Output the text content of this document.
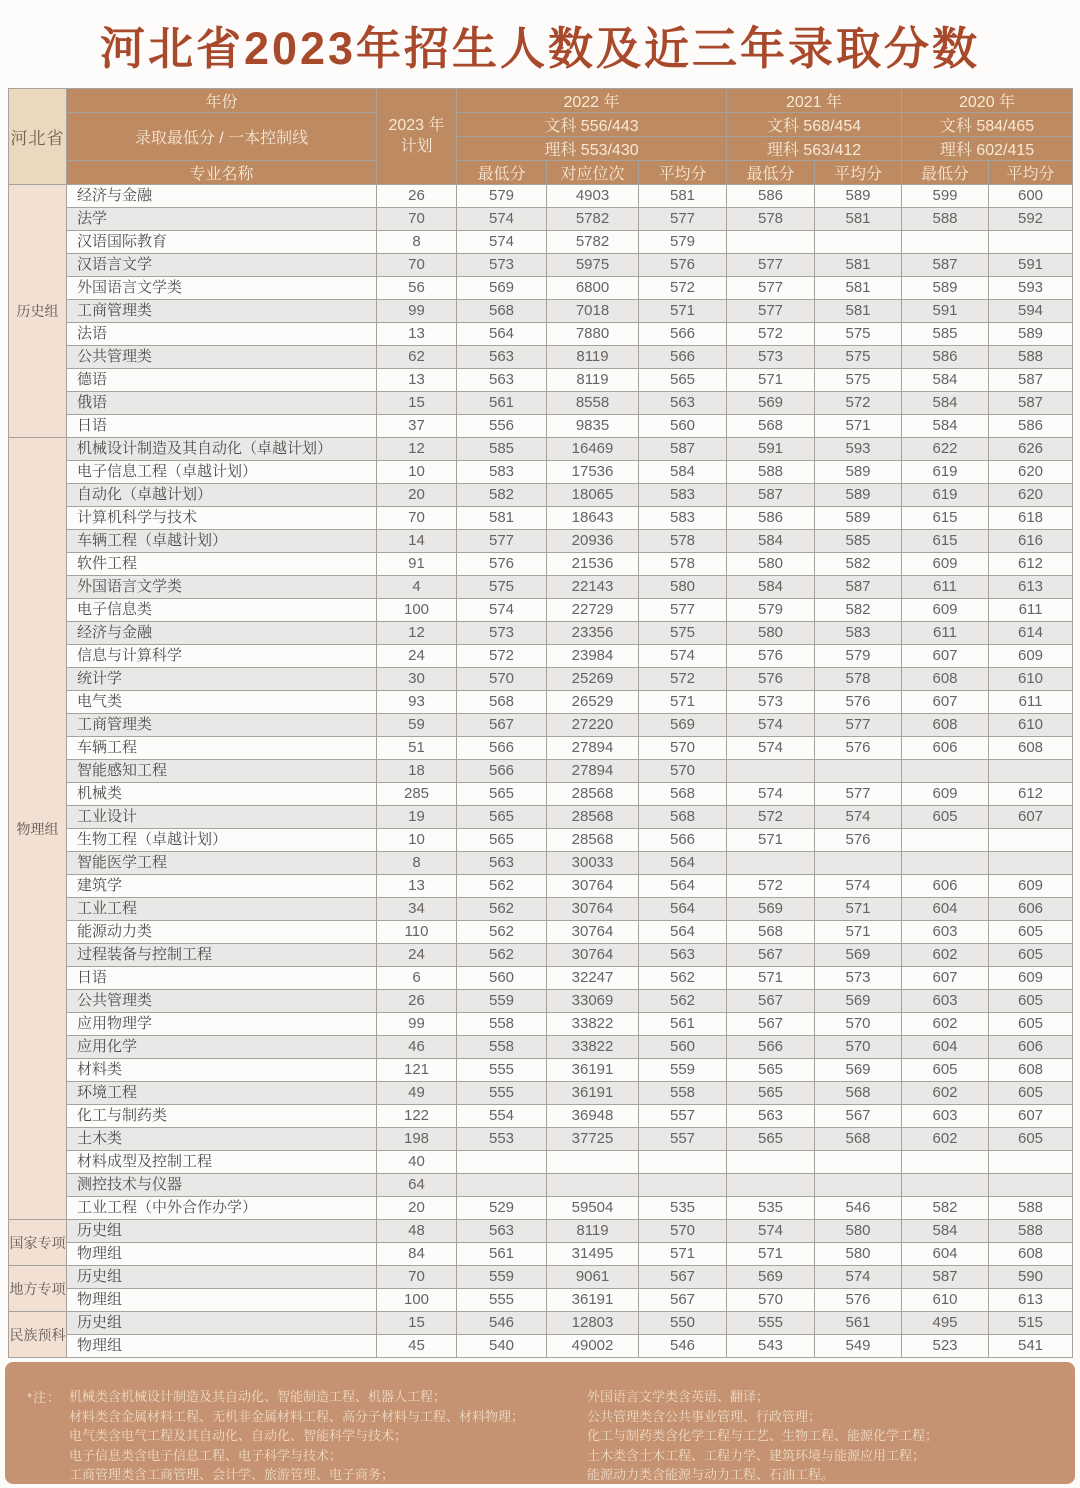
河北省2023年招生人数及近三年录取分数
河北省	年份	2023 年
计划	2022 年			2021 年		2020 年	
	录取最低分 / 一本控制线		文科 556/443			文科 568/454		文科 584/465	
			理科 553/430			理科 563/412		理科 602/415	
	专业名称		最低分	对应位次	平均分	最低分	平均分	最低分	平均分
历史组	经济与金融	26	579	4903	581	586	589	599	600
	法学	70	574	5782	577	578	581	588	592
	汉语国际教育	8	574	5782	579				
	汉语言文学	70	573	5975	576	577	581	587	591
	外国语言文学类	56	569	6800	572	577	581	589	593
	工商管理类	99	568	7018	571	577	581	591	594
	法语	13	564	7880	566	572	575	585	589
	公共管理类	62	563	8119	566	573	575	586	588
	德语	13	563	8119	565	571	575	584	587
	俄语	15	561	8558	563	569	572	584	587
	日语	37	556	9835	560	568	571	584	586
物理组	机械设计制造及其自动化（卓越计划）	12	585	16469	587	591	593	622	626
	电子信息工程（卓越计划）	10	583	17536	584	588	589	619	620
	自动化（卓越计划）	20	582	18065	583	587	589	619	620
	计算机科学与技术	70	581	18643	583	586	589	615	618
	车辆工程（卓越计划）	14	577	20936	578	584	585	615	616
	软件工程	91	576	21536	578	580	582	609	612
	外国语言文学类	4	575	22143	580	584	587	611	613
	电子信息类	100	574	22729	577	579	582	609	611
	经济与金融	12	573	23356	575	580	583	611	614
	信息与计算科学	24	572	23984	574	576	579	607	609
	统计学	30	570	25269	572	576	578	608	610
	电气类	93	568	26529	571	573	576	607	611
	工商管理类	59	567	27220	569	574	577	608	610
	车辆工程	51	566	27894	570	574	576	606	608
	智能感知工程	18	566	27894	570				
	机械类	285	565	28568	568	574	577	609	612
	工业设计	19	565	28568	568	572	574	605	607
	生物工程（卓越计划）	10	565	28568	566	571	576		
	智能医学工程	8	563	30033	564				
	建筑学	13	562	30764	564	572	574	606	609
	工业工程	34	562	30764	564	569	571	604	606
	能源动力类	110	562	30764	564	568	571	603	605
	过程装备与控制工程	24	562	30764	563	567	569	602	605
	日语	6	560	32247	562	571	573	607	609
	公共管理类	26	559	33069	562	567	569	603	605
	应用物理学	99	558	33822	561	567	570	602	605
	应用化学	46	558	33822	560	566	570	604	606
	材料类	121	555	36191	559	565	569	605	608
	环境工程	49	555	36191	558	565	568	602	605
	化工与制药类	122	554	36948	557	563	567	603	607
	土木类	198	553	37725	557	565	568	602	605
	材料成型及控制工程	40							
	测控技术与仪器	64							
	工业工程（中外合作办学）	20	529	59504	535	535	546	582	588
国家专项	历史组	48	563	8119	570	574	580	584	588
	物理组	84	561	31495	571	571	580	604	608
地方专项	历史组	70	559	9061	567	569	574	587	590
	物理组	100	555	36191	567	570	576	610	613
民族预科	历史组	15	546	12803	550	555	561	495	515
	物理组	45	540	49002	546	543	549	523	541
*注： 机械类含机械设计制造及其自动化、智能制造工程、机器人工程；
材料类含金属材料工程、无机非金属材料工程、高分子材料与工程、材料物理；
电气类含电气工程及其自动化、自动化、智能科学与技术；
电子信息类含电子信息工程、电子科学与技术；
工商管理类含工商管理、会计学、旅游管理、电子商务；
外国语言文学类含英语、翻译；
公共管理类含公共事业管理、行政管理；
化工与制药类含化学工程与工艺、生物工程、能源化学工程；
土木类含土木工程、工程力学、建筑环境与能源应用工程；
能源动力类含能源与动力工程、石油工程。
